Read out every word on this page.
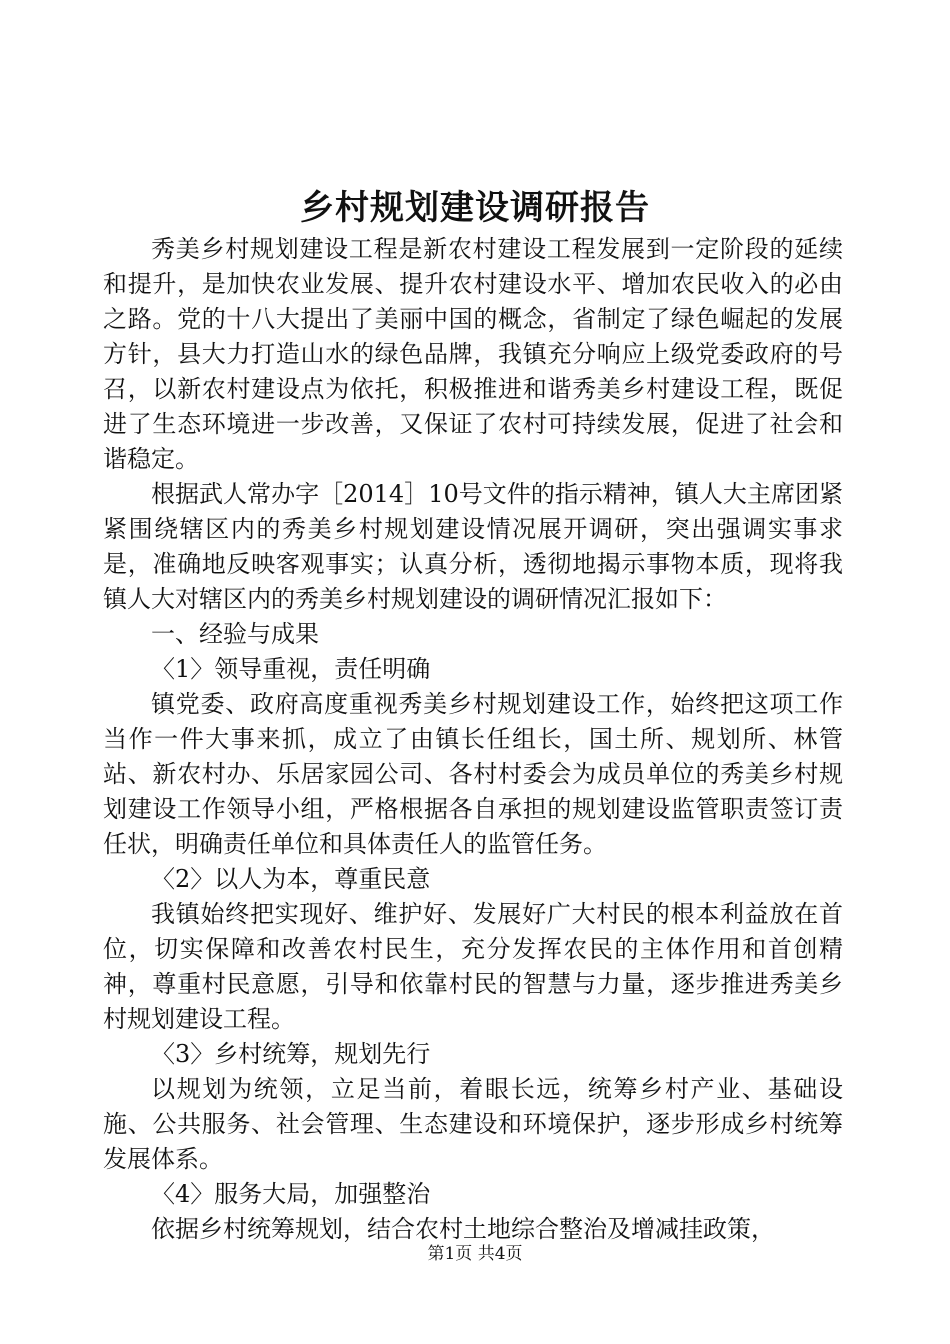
乡村规划建设调研报告

秀美乡村规划建设工程是新农村建设工程发展到一定阶段的延续和提升，是加快农业发展、提升农村建设水平、增加农民收入的必由之路。党的十八大提出了美丽中国的概念，省制定了绿色崛起的发展方针，县大力打造山水的绿色品牌，我镇充分响应上级党委政府的号召，以新农村建设点为依托，积极推进和谐秀美乡村建设工程，既促进了生态环境进一步改善，又保证了农村可持续发展，促进了社会和谐稳定。

根据武人常办字［2014］10号文件的指示精神，镇人大主席团紧紧围绕辖区内的秀美乡村规划建设情况展开调研，突出强调实事求是，准确地反映客观事实；认真分析，透彻地揭示事物本质，现将我镇人大对辖区内的秀美乡村规划建设的调研情况汇报如下：

一、经验与成果

〈1〉领导重视，责任明确

镇党委、政府高度重视秀美乡村规划建设工作，始终把这项工作当作一件大事来抓，成立了由镇长任组长，国土所、规划所、林管站、新农村办、乐居家园公司、各村村委会为成员单位的秀美乡村规划建设工作领导小组，严格根据各自承担的规划建设监管职责签订责任状，明确责任单位和具体责任人的监管任务。

〈2〉以人为本，尊重民意

我镇始终把实现好、维护好、发展好广大村民的根本利益放在首位，切实保障和改善农村民生，充分发挥农民的主体作用和首创精神，尊重村民意愿，引导和依靠村民的智慧与力量，逐步推进秀美乡村规划建设工程。

〈3〉乡村统筹，规划先行

以规划为统领，立足当前，着眼长远，统筹乡村产业、基础设施、公共服务、社会管理、生态建设和环境保护，逐步形成乡村统筹发展体系。

〈4〉服务大局，加强整治

依据乡村统筹规划，结合农村土地综合整治及增减挂政策，

第1页 共4页
